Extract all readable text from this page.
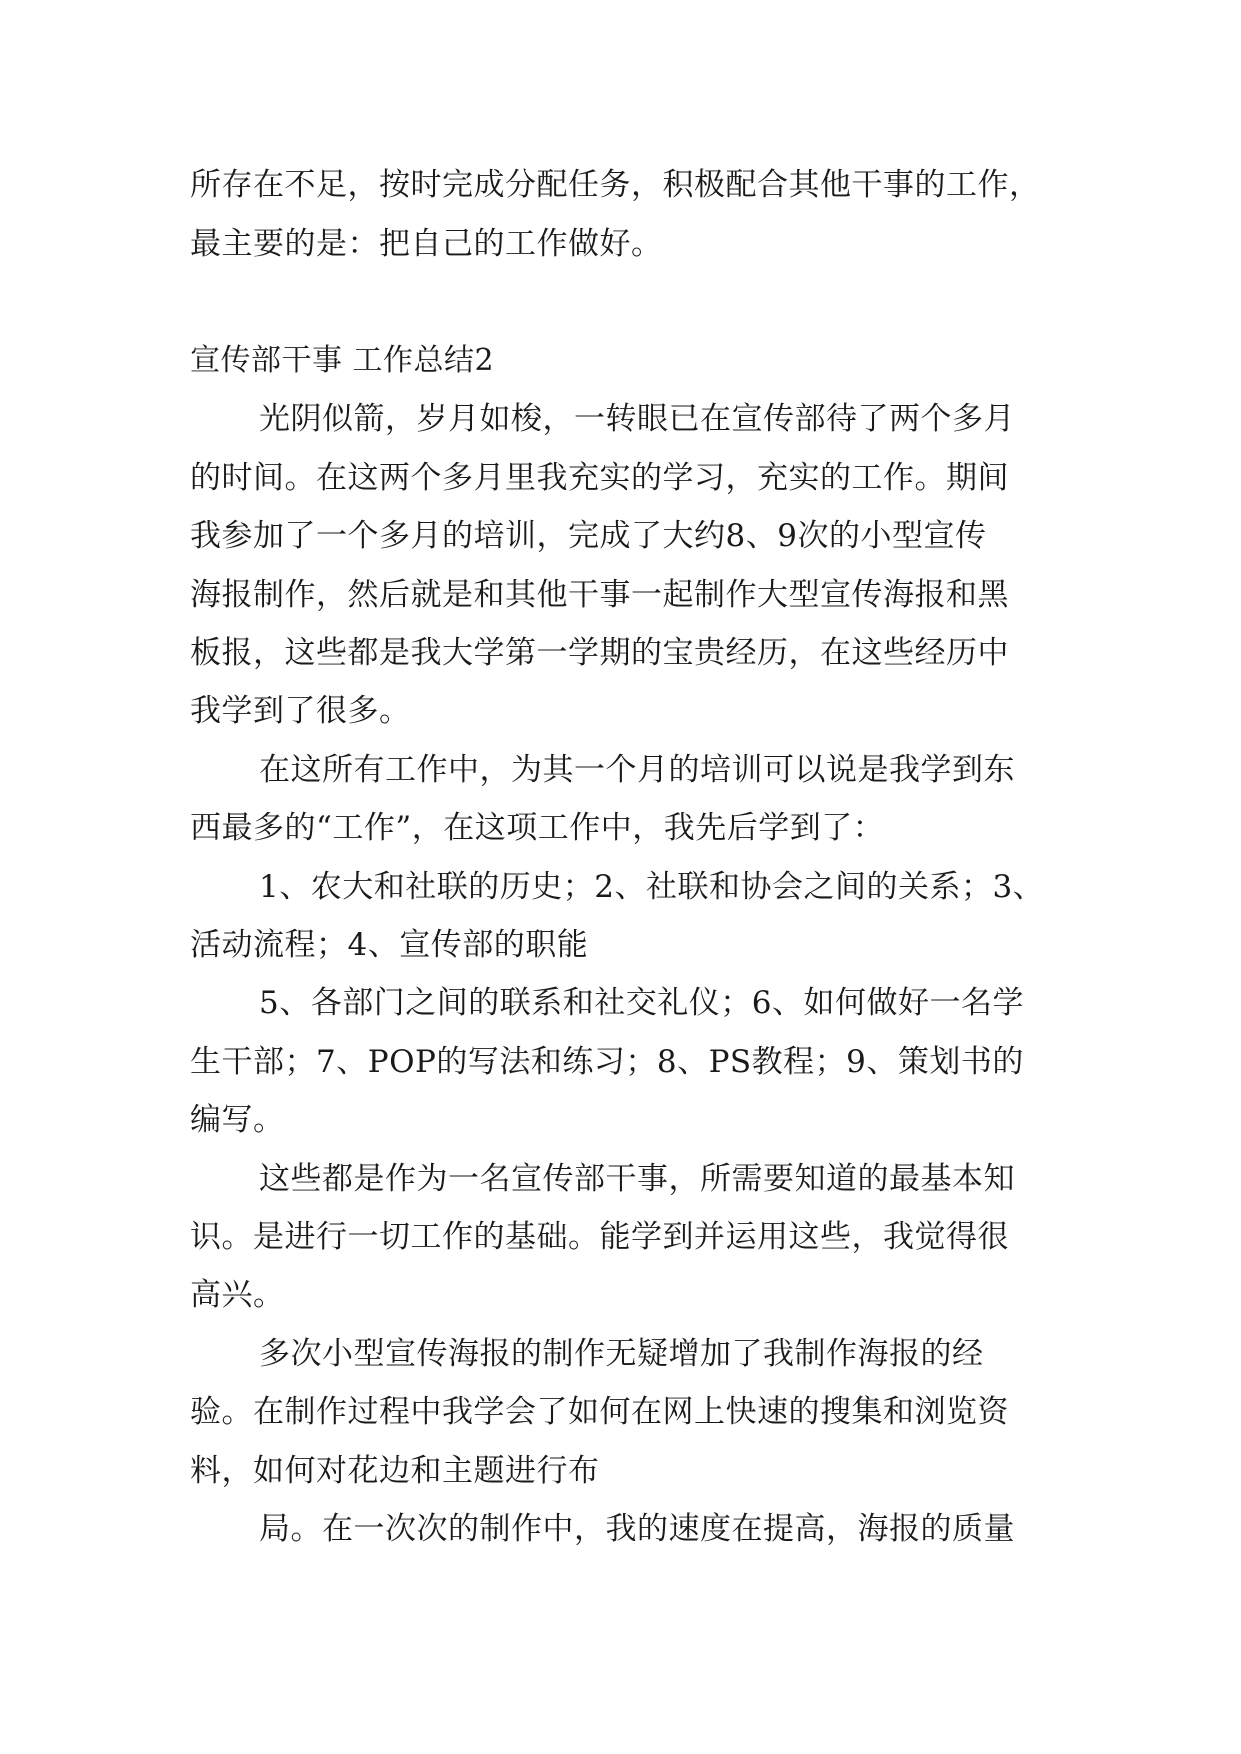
所存在不足，按时完成分配任务，积极配合其他干事的工作，

最主要的是：把自己的工作做好。

宣传部干事 工作总结2

光阴似箭，岁月如梭，一转眼已在宣传部待了两个多月

的时间。在这两个多月里我充实的学习，充实的工作。期间

我参加了一个多月的培训，完成了大约8、9次的小型宣传

海报制作，然后就是和其他干事一起制作大型宣传海报和黑

板报，这些都是我大学第一学期的宝贵经历，在这些经历中

我学到了很多。

在这所有工作中，为其一个月的培训可以说是我学到东

西最多的“工作”，在这项工作中，我先后学到了：

1、农大和社联的历史；2、社联和协会之间的关系；3、

活动流程；4、宣传部的职能

5、各部门之间的联系和社交礼仪；6、如何做好一名学

生干部；7、POP的写法和练习；8、PS教程；9、策划书的

编写。

这些都是作为一名宣传部干事，所需要知道的最基本知

识。是进行一切工作的基础。能学到并运用这些，我觉得很

高兴。

多次小型宣传海报的制作无疑增加了我制作海报的经

验。在制作过程中我学会了如何在网上快速的搜集和浏览资

料，如何对花边和主题进行布

局。在一次次的制作中，我的速度在提高，海报的质量
